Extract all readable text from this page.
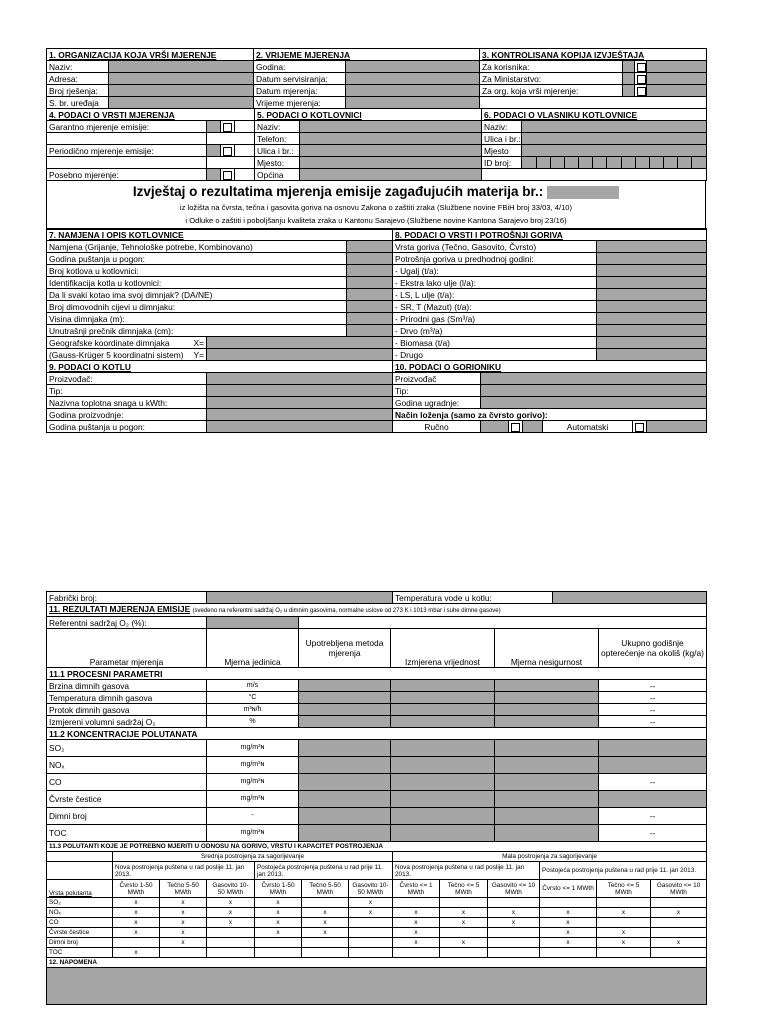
1. ORGANIZACIJA KOJA VRŠI MJERENJE		2. VRIJEME MJERENJA		3. KONTROLISANA KOPIJA IZVJEŠTAJA			
Naziv:		Godina:		Za korisnika:			
Adresa:		Datum servisiranja:		Za Ministarstvo:			
Broj rješenja:		Datum mjerenja:		Za org. koja vrši mjerenje:			
S. br. uređaja		Vrijeme mjerenja:					
4. PODACI O VRSTI MJERENJA	5. PODACI O KOTLOVNICI	6. PODACI O VLASNIKU KOTLOVNICE
Garantno mjerenje emisije:				Naziv:		Naziv:	
		Telefon:		Ulica i br.:	
Periodično mjerenje emisije:				Ulica i br.:		Mjesto	
		Mjesto:		ID broj:	

Posebno mjerenje:				Općina		
Izvještaj o rezultatima mjerenja emisije zagađujućih materija br.:
iz ložišta na čvrsta, tečna i gasovita goriva na osnovu Zakona o zaštiti zraka (Službene novine FBiH broj 33/03, 4/10)
i Odluke o zaštiti i poboljšanju kvaliteta zraka u Kantonu Sarajevo (Službene novine Kantona Sarajevo broj 23/16)
7. NAMJENA I OPIS KOTLOVNICE			8. PODACI O VRSTI I POTROŠNJI GORIVA	
Namjena (Grijanje, Tehnološke potrebe, Kombinovano)			Vrsta goriva (Tečno, Gasovito, Čvrsto)	
Godina puštanja u pogon:			Potrošnja goriva u predhodnoj godini:	
Broj kotlova u kotlovnici:			- Ugalj (t/a):	
Identifikacija kotla u kotlovnici:			- Ekstra lako ulje (l/a):	
Da li svaki kotao ima svoj dimnjak? (DA/NE)			- LS, L ulje (t/a):	
Broj dimovodnih cijevi u dimnjaku:			- SR, T (Mazut) (t/a):	
Visina dimnjaka (m):			- Prirodni gas (Sm³/a)	
Unutrašnji prečnik dimnjaka (cm):			- Drvo (m³/a)	
Geografske koordinate dimnjaka X=			- Biomasa (t/a)	
(Gauss-Krüger 5 koordinatni sistem) Y=			- Drugo	
9. PODACI O KOTLU		10. PODACI O GORIONIKU						
Proizvođač:		Proizvođač						
Tip:		Tip:						
Nazivna toplotna snaga u kWth:		Godina ugradnje:						
Godina proizvodnje:		Način loženja (samo za čvrsto gorivo):						
Godina puštanja u pogon:		Ručno				Automatski		
Fabrički broj:		Temperatura vode u kotlu:	
11. REZULTATI MJERENJA EMISIJE (svedeno na referentni sadržaj O₂ u dimnim gasovima, normalne uslove od 273 K i 1013 mbar i suhe dimne gasove)					
Referentni sadržaj O₂ (%):					
Parametar mjerenja	Mjerna jedinica	Upotrebljena metoda mjerenja	Izmjerena vrijednost	Mjerna nesigurnost	Ukupno godišnje opterećenje na okoliš (kg/a)
11.1 PROCESNI PARAMETRI					
Brzina dimnih gasova	m/s				--
Temperatura dimnih gasova	°C				--
Protok dimnih gasova	m³ɴ/h				--
Izmjereni volumni sadržaj O₂	%				--
11.2 KONCENTRACIJE POLUTANATA					
SO₂	mg/m³ɴ				
NOₓ	mg/m³ɴ				
CO	mg/m³ɴ				--
Čvrste čestice	mg/m³ɴ				
Dimni broj	-				--
TOC	mg/m³ɴ				--
11.3 POLUTANTI KOJE JE POTREBNO MJERITI U ODNOSU NA GORIVO, VRSTU I KAPACITET POSTROJENJA												
	Srednja postrojenja za sagorijevanje						Mala postrojenja za sagorijevanje					
	Nova postrojenja puštena u rad poslije 11. jan 2013.			Postojeća postrojenja puštena u rad prije 11. jan 2013.			Nova postrojenja puštena u rad poslije 11. jan 2013.			Postojeća postrojenja puštena u rad prije 11. jan 2013.		
Vrsta polutanta	Čvrsto 1-50 MWth	Tečno 5-50 MWth	Gasovito 10-50 MWth	Čvrsto 1-50 MWth	Tečno 5-50 MWth	Gasovito 10-50 MWth	Čvrsto <= 1 MWth	Tečno <= 5 MWth	Gasovito <= 10 MWth	Čvrsto <= 1 MWth	Tečno <= 5 MWth	Gasovito <= 10 MWth
SO₂	x	x	x	x		x						
NOₓ	x	x	x	x	x	x	x	x	x	x	x	x
CO	x	x	x	x	x		x	x	x	x		
Čvrste čestice	x	x		x	x		x			x	x	
Dimni broj		x					x	x		x	x	x
TOC	x											
12. NAPOMENA												
